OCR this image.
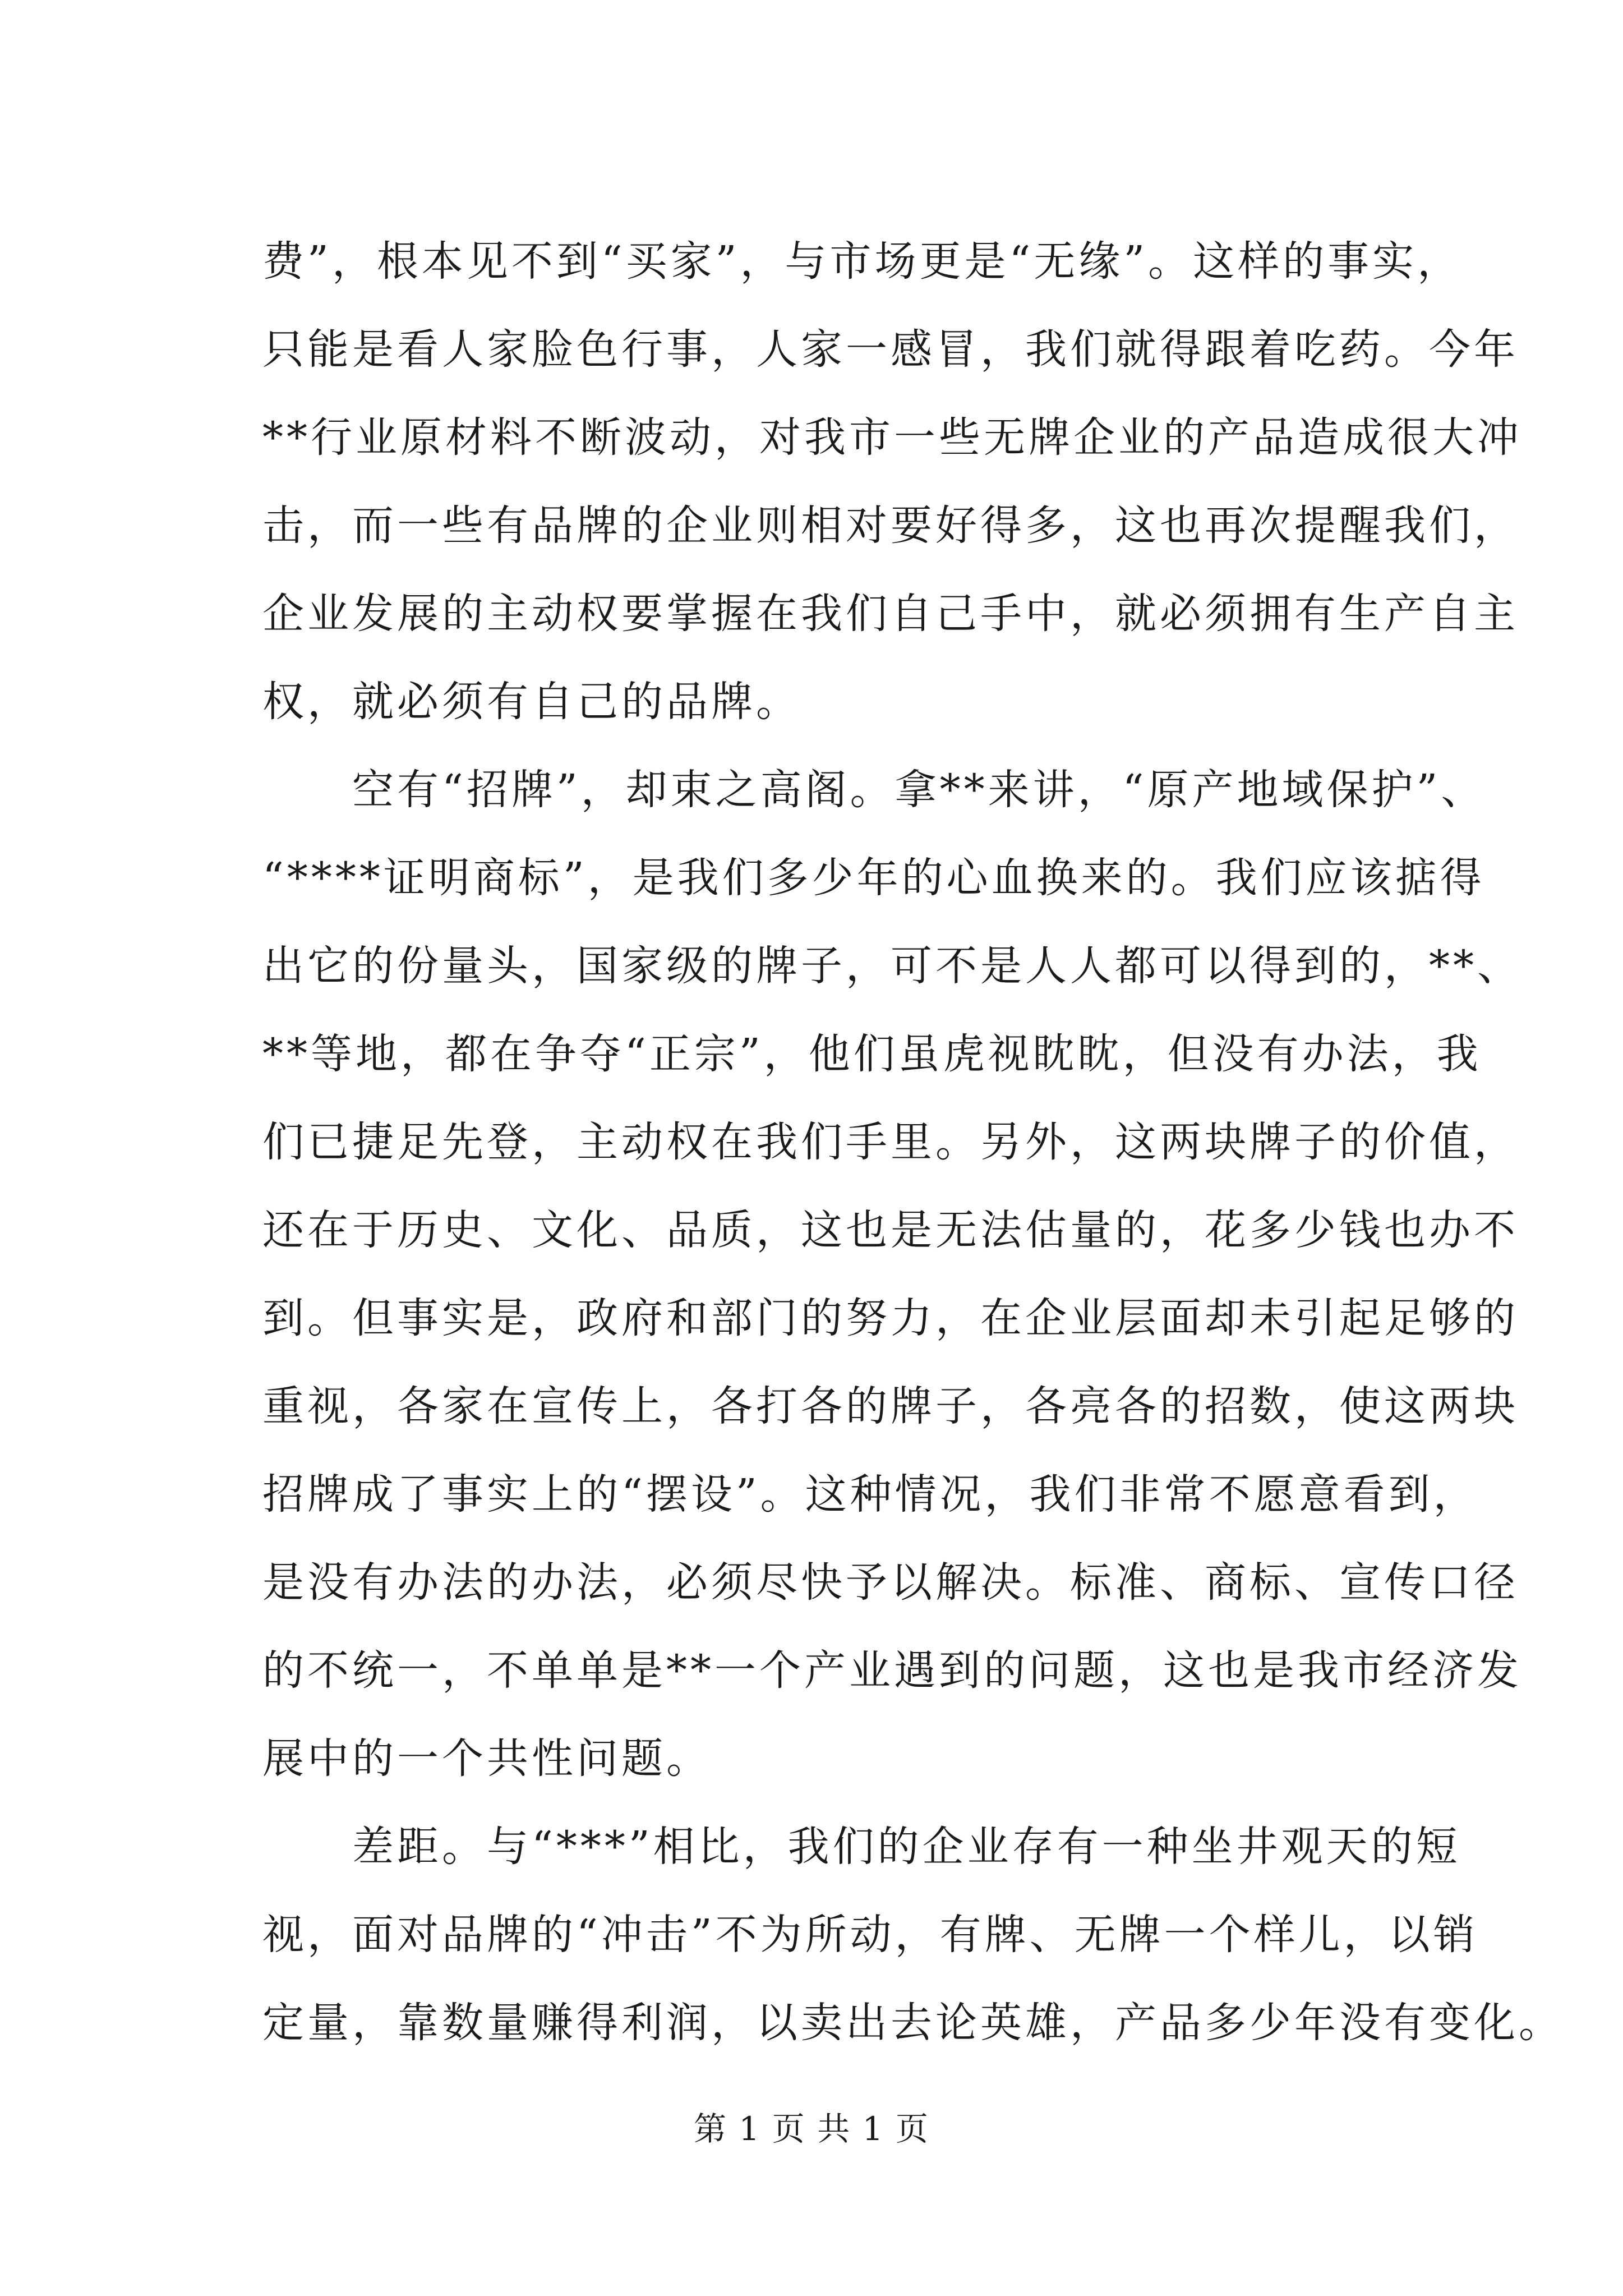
费”，根本见不到“买家”，与市场更是“无缘”。这样的事实，
只能是看人家脸色行事，人家一感冒，我们就得跟着吃药。今年
**行业原材料不断波动，对我市一些无牌企业的产品造成很大冲
击，而一些有品牌的企业则相对要好得多，这也再次提醒我们，
企业发展的主动权要掌握在我们自己手中，就必须拥有生产自主
权，就必须有自己的品牌。
　　空有“招牌”，却束之高阁。拿**来讲，“原产地域保护”、
“****证明商标”，是我们多少年的心血换来的。我们应该掂得
出它的份量头，国家级的牌子，可不是人人都可以得到的，**、
**等地，都在争夺“正宗”，他们虽虎视眈眈，但没有办法，我
们已捷足先登，主动权在我们手里。另外，这两块牌子的价值，
还在于历史、文化、品质，这也是无法估量的，花多少钱也办不
到。但事实是，政府和部门的努力，在企业层面却未引起足够的
重视，各家在宣传上，各打各的牌子，各亮各的招数，使这两块
招牌成了事实上的“摆设”。这种情况，我们非常不愿意看到，
是没有办法的办法，必须尽快予以解决。标准、商标、宣传口径
的不统一，不单单是**一个产业遇到的问题，这也是我市经济发
展中的一个共性问题。
　　差距。与“***”相比，我们的企业存有一种坐井观天的短
视，面对品牌的“冲击”不为所动，有牌、无牌一个样儿，以销
定量，靠数量赚得利润，以卖出去论英雄，产品多少年没有变化。
第 1 页 共 1 页
